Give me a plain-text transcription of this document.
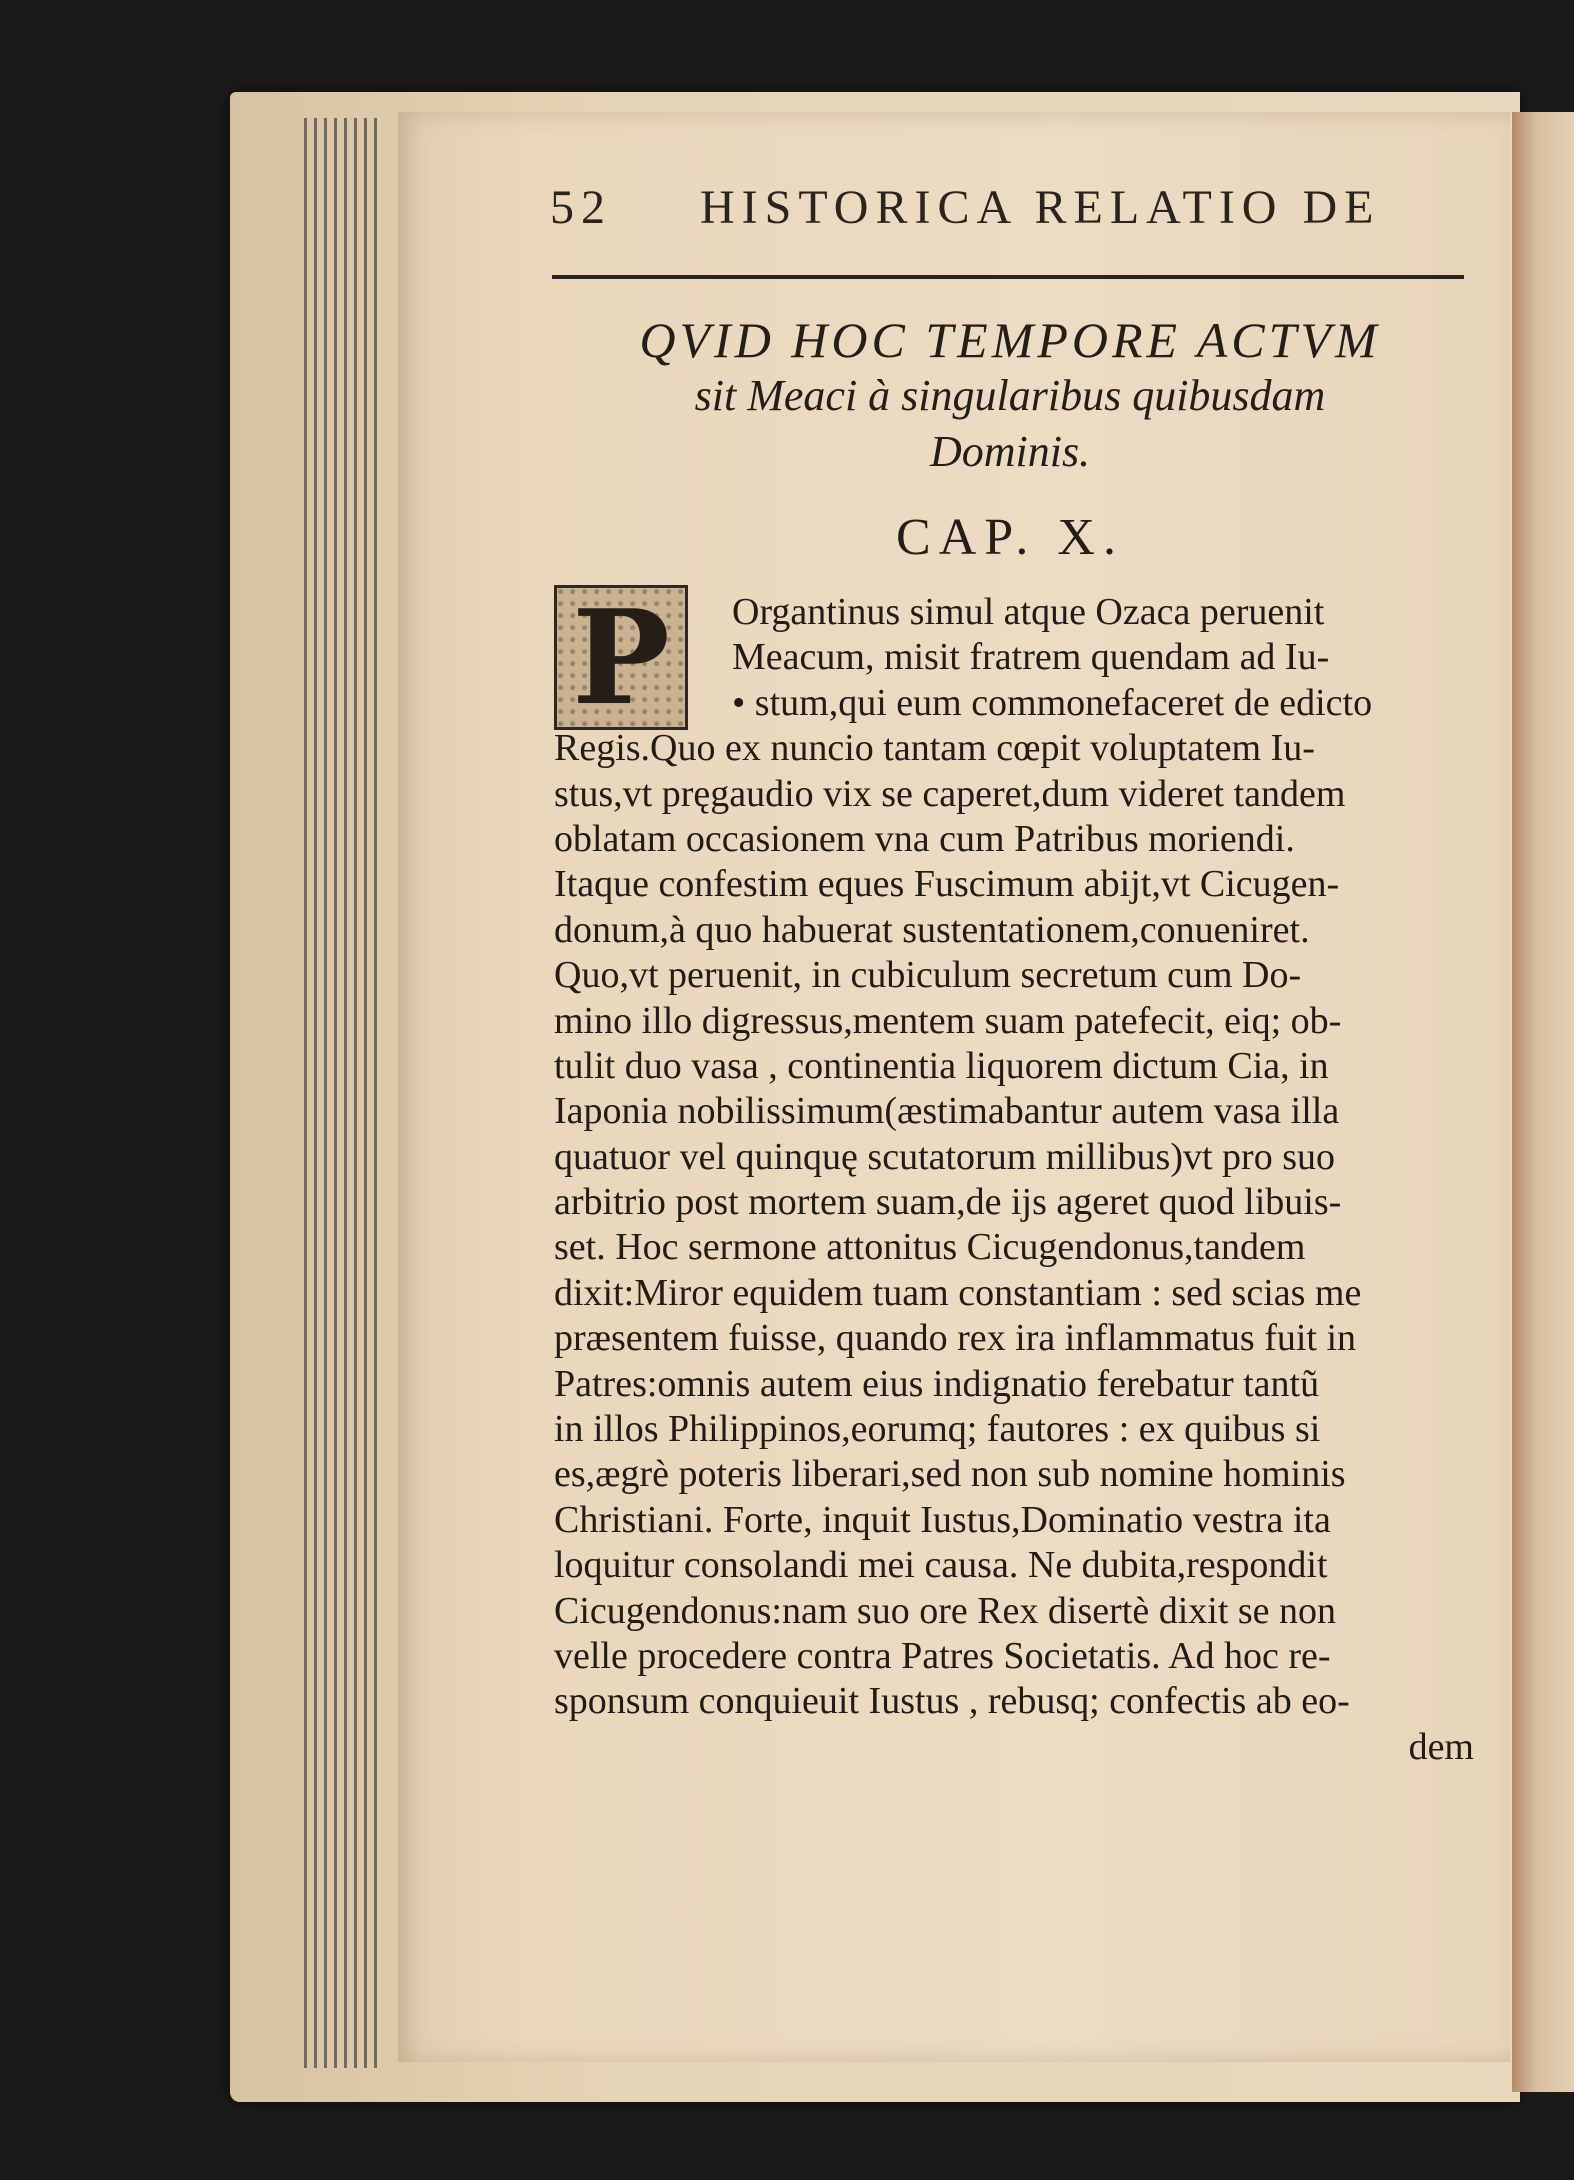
52 HISTORICA RELATIO DE
QVID HOC TEMPORE ACTVM
sit Meaci à singularibus quibusdam
Dominis.
CAP. X.
P	Organtinus simul atque Ozaca peruenit
Meacum, misit fratrem quendam ad Iu-
• stum,qui eum commonefaceret de edicto
Regis.Quo ex nuncio tantam cœpit voluptatem Iu-
stus,vt pręgaudio vix se caperet,dum videret tandem
oblatam occasionem vna cum Patribus moriendi.
Itaque confestim eques Fuscimum abijt,vt Cicugen-
donum,à quo habuerat sustentationem,conueniret.
Quo,vt peruenit, in cubiculum secretum cum Do-
mino illo digressus,mentem suam patefecit, eiq; ob-
tulit duo vasa , continentia liquorem dictum Cia, in
Iaponia nobilissimum(æstimabantur autem vasa illa
quatuor vel quinquę scutatorum millibus)vt pro suo
arbitrio post mortem suam,de ijs ageret quod libuis-
set. Hoc sermone attonitus Cicugendonus,tandem
dixit:Miror equidem tuam constantiam : sed scias me
præsentem fuisse, quando rex ira inflammatus fuit in
Patres:omnis autem eius indignatio ferebatur tantũ
in illos Philippinos,eorumq; fautores : ex quibus si
es,ægrè poteris liberari,sed non sub nomine hominis
Christiani. Forte, inquit Iustus,Dominatio vestra ita
loquitur consolandi mei causa. Ne dubita,respondit
Cicugendonus:nam suo ore Rex disertè dixit se non
velle procedere contra Patres Societatis. Ad hoc re-
sponsum conquieuit Iustus , rebusq; confectis ab eo-
dem
